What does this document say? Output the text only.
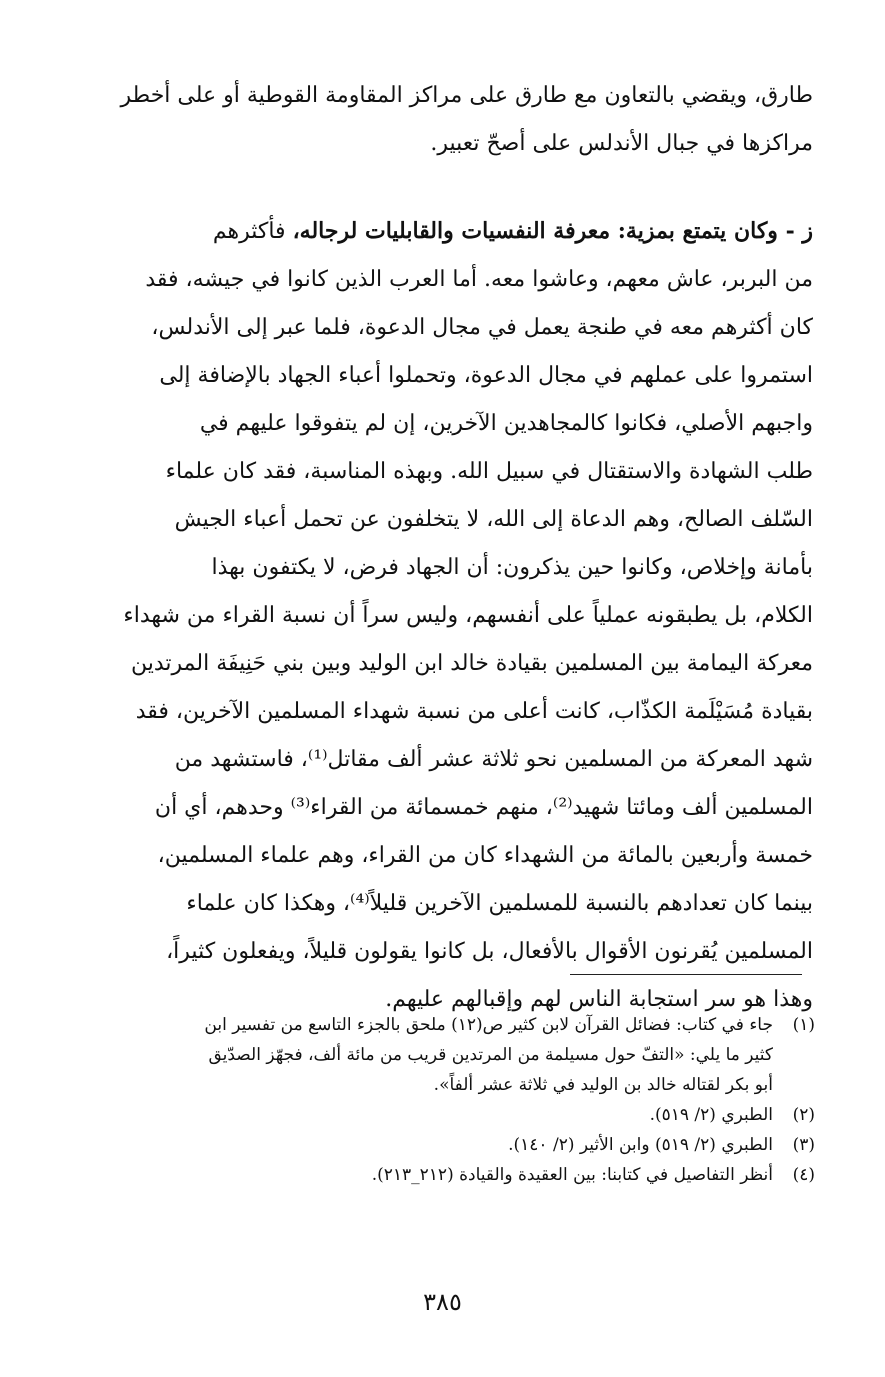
طارق، ويقضي بالتعاون مع طارق على مراكز المقاومة القوطية أو على أخطر
مراكزها في جبال الأندلس على أصحّ تعبير.
ز - وكان يتمتع بمزية: معرفة النفسيات والقابليات لرجاله، فأكثرهم
من البربر، عاش معهم، وعاشوا معه. أما العرب الذين كانوا في جيشه، فقد
كان أكثرهم معه في طنجة يعمل في مجال الدعوة، فلما عبر إلى الأندلس،
استمروا على عملهم في مجال الدعوة، وتحملوا أعباء الجهاد بالإضافة إلى
واجبهم الأصلي، فكانوا كالمجاهدين الآخرين، إن لم يتفوقوا عليهم في
طلب الشهادة والاستقتال في سبيل الله. وبهذه المناسبة، فقد كان علماء
السّلف الصالح، وهم الدعاة إلى الله، لا يتخلفون عن تحمل أعباء الجيش
بأمانة وإخلاص، وكانوا حين يذكرون: أن الجهاد فرض، لا يكتفون بهذا
الكلام، بل يطبقونه عملياً على أنفسهم، وليس سراً أن نسبة القراء من شهداء
معركة اليمامة بين المسلمين بقيادة خالد ابن الوليد وبين بني حَنِيفَة المرتدين
بقيادة مُسَيْلَمة الكذّاب، كانت أعلى من نسبة شهداء المسلمين الآخرين، فقد
شهد المعركة من المسلمين نحو ثلاثة عشر ألف مقاتل⁽¹⁾، فاستشهد من
المسلمين ألف ومائتا شهيد⁽²⁾، منهم خمسمائة من القراء⁽³⁾ وحدهم، أي أن
خمسة وأربعين بالمائة من الشهداء كان من القراء، وهم علماء المسلمين،
بينما كان تعدادهم بالنسبة للمسلمين الآخرين قليلاً⁽⁴⁾، وهكذا كان علماء
المسلمين يُقرنون الأقوال بالأفعال، بل كانوا يقولون قليلاً، ويفعلون كثيراً،
وهذا هو سر استجابة الناس لهم وإقبالهم عليهم.
(١)
جاء في كتاب: فضائل القرآن لابن كثير ص(١٢) ملحق بالجزء التاسع من تفسير ابن
كثير ما يلي: «التفّ حول مسيلمة من المرتدين قريب من مائة ألف، فجهّز الصدّيق
أبو بكر لقتاله خالد بن الوليد في ثلاثة عشر ألفاً».
(٢)
الطبري (٢/ ٥١٩).
(٣)
الطبري (٢/ ٥١٩) وابن الأثير (٢/ ١٤٠).
(٤)
أنظر التفاصيل في كتابنا: بين العقيدة والقيادة (٢١٢_٢١٣).
٣٨٥
